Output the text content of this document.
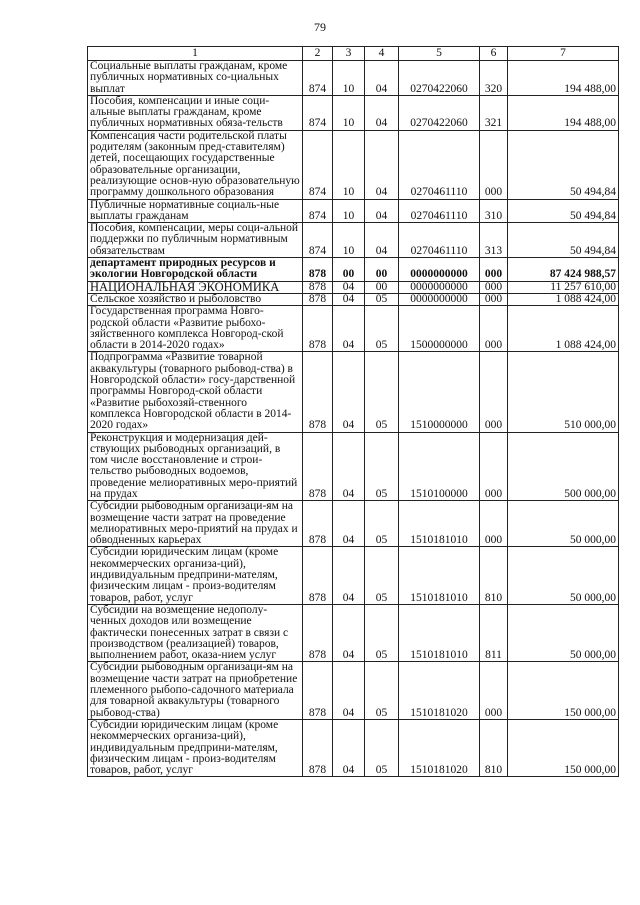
79
1	2	3	4	5	6	7
Социальные выплаты гражданам, кроме публичных нормативных со-циальных выплат	874	10	04	0270422060	320	194 488,00
Пособия, компенсации и иные соци-альные выплаты гражданам, кроме публичных нормативных обяза-тельств	874	10	04	0270422060	321	194 488,00
Компенсация части родительской платы родителям (законным пред-ставителям) детей, посещающих государственные образовательные организации, реализующие основ-ную образовательную программу дошкольного образования	874	10	04	0270461110	000	50 494,84
Публичные нормативные социаль-ные выплаты гражданам	874	10	04	0270461110	310	50 494,84
Пособия, компенсации, меры соци-альной поддержки по публичным нормативным обязательствам	874	10	04	0270461110	313	50 494,84
департамент природных ресурсов и экологии Новгородской области	878	00	00	0000000000	000	87 424 988,57
НАЦИОНАЛЬНАЯ ЭКОНОМИКА	878	04	00	0000000000	000	11 257 610,00
Сельское хозяйство и рыболовство	878	04	05	0000000000	000	1 088 424,00
Государственная программа Новго-родской области «Развитие рыбохо-зяйственного комплекса Новгород-ской области в 2014-2020 годах»	878	04	05	1500000000	000	1 088 424,00
Подпрограмма «Развитие товарной аквакультуры (товарного рыбовод-ства) в Новгородской области» госу-дарственной программы Новгород-ской области «Развитие рыбохозяй-ственного комплекса Новгородской области в 2014-2020 годах»	878	04	05	1510000000	000	510 000,00
Реконструкция и модернизация дей-ствующих рыбоводных организаций, в том числе восстановление и строи-тельство рыбоводных водоемов, проведение мелиоративных меро-приятий на прудах	878	04	05	1510100000	000	500 000,00
Субсидии рыбоводным организаци-ям на возмещение части затрат на проведение мелиоративных меро-приятий на прудах и обводненных карьерах	878	04	05	1510181010	000	50 000,00
Субсидии юридическим лицам (кроме некоммерческих организа-ций), индивидуальным предприни-мателям, физическим лицам - произ-водителям товаров, работ, услуг	878	04	05	1510181010	810	50 000,00
Субсидии на возмещение недополу-ченных доходов или возмещение фактически понесенных затрат в связи с производством (реализацией) товаров, выполнением работ, оказа-нием услуг	878	04	05	1510181010	811	50 000,00
Субсидии рыбоводным организаци-ям на возмещение части затрат на приобретение племенного рыбопо-садочного материала для товарной аквакультуры (товарного рыбовод-ства)	878	04	05	1510181020	000	150 000,00
Субсидии юридическим лицам (кроме некоммерческих организа-ций), индивидуальным предприни-мателям, физическим лицам - произ-водителям товаров, работ, услуг	878	04	05	1510181020	810	150 000,00
